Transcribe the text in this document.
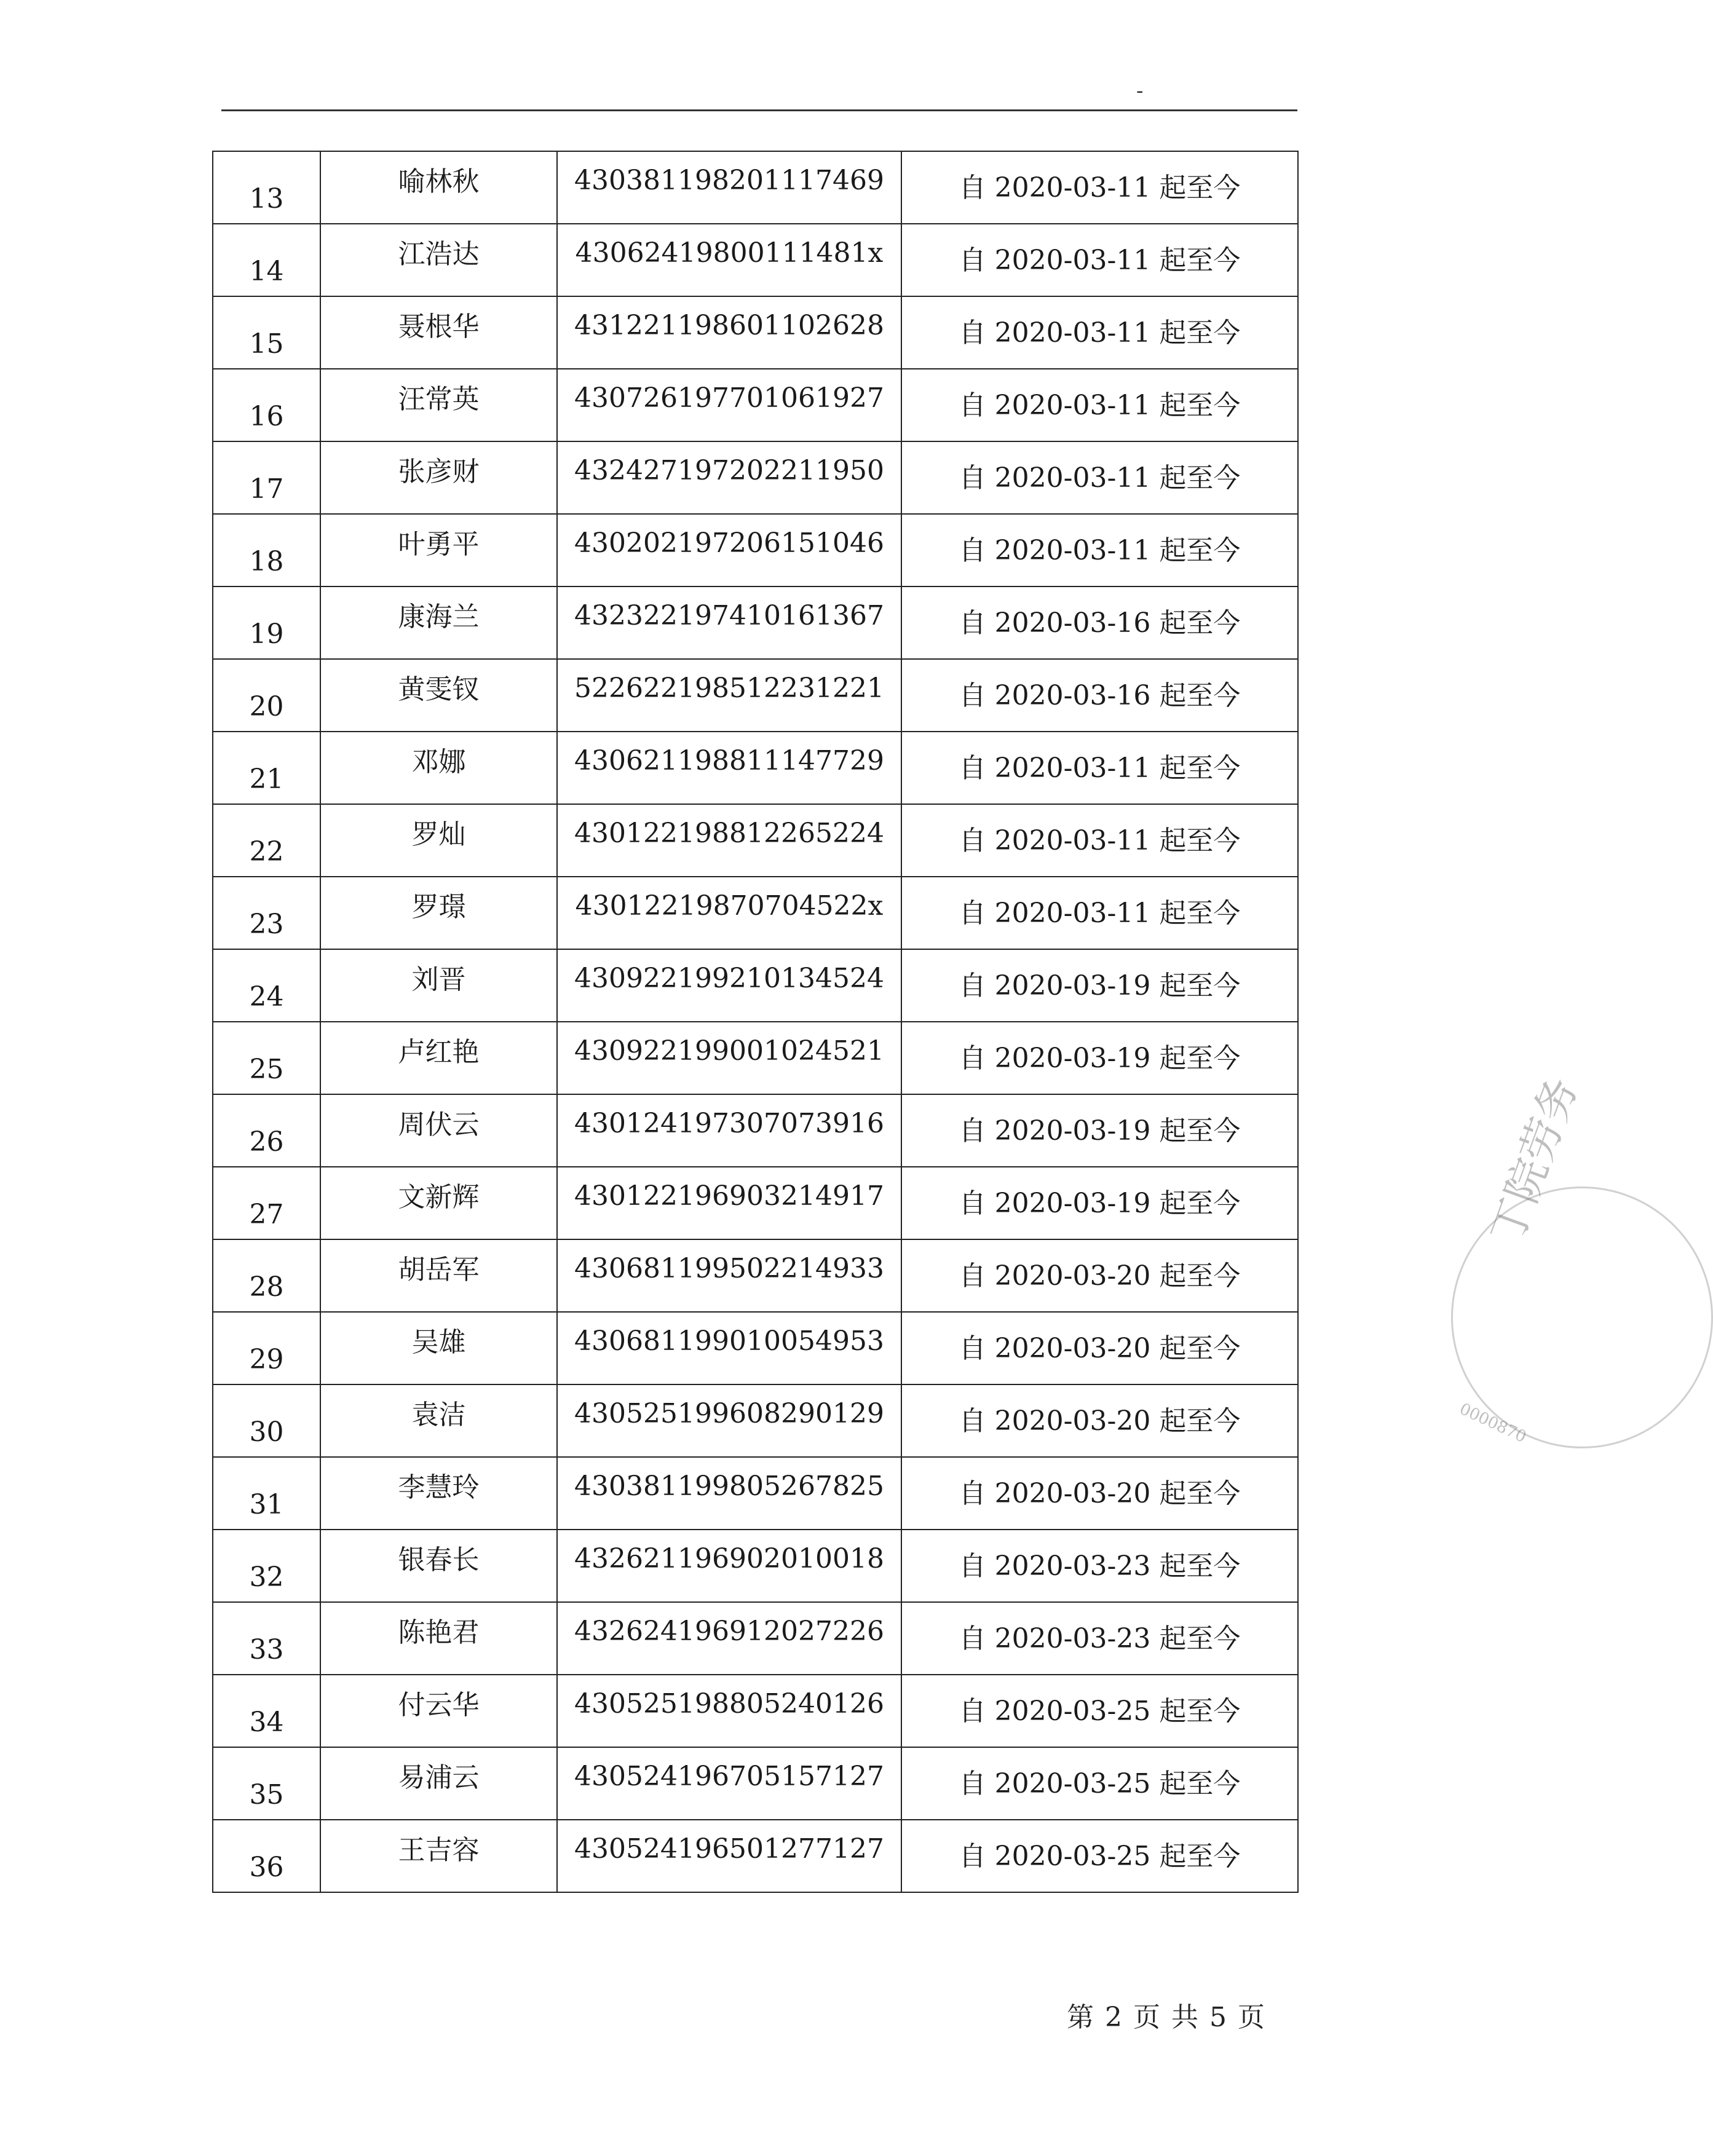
-
13	喻林秋	430381198201117469	自 2020-03-11 起至今
14	江浩达	43062419800111481x	自 2020-03-11 起至今
15	聂根华	431221198601102628	自 2020-03-11 起至今
16	汪常英	430726197701061927	自 2020-03-11 起至今
17	张彦财	432427197202211950	自 2020-03-11 起至今
18	叶勇平	430202197206151046	自 2020-03-11 起至今
19	康海兰	432322197410161367	自 2020-03-16 起至今
20	黄雯钗	522622198512231221	自 2020-03-16 起至今
21	邓娜	430621198811147729	自 2020-03-11 起至今
22	罗灿	430122198812265224	自 2020-03-11 起至今
23	罗璟	43012219870704522x	自 2020-03-11 起至今
24	刘晋	430922199210134524	自 2020-03-19 起至今
25	卢红艳	430922199001024521	自 2020-03-19 起至今
26	周伏云	430124197307073916	自 2020-03-19 起至今
27	文新辉	430122196903214917	自 2020-03-19 起至今
28	胡岳军	430681199502214933	自 2020-03-20 起至今
29	吴雄	430681199010054953	自 2020-03-20 起至今
30	袁洁	430525199608290129	自 2020-03-20 起至今
31	李慧玲	430381199805267825	自 2020-03-20 起至今
32	银春长	432621196902010018	自 2020-03-23 起至今
33	陈艳君	432624196912027226	自 2020-03-23 起至今
34	付云华	430525198805240126	自 2020-03-25 起至今
35	易浦云	430524196705157127	自 2020-03-25 起至今
36	王吉容	430524196501277127	自 2020-03-25 起至今
丁院劳务
0000870
第 2 页 共 5 页
